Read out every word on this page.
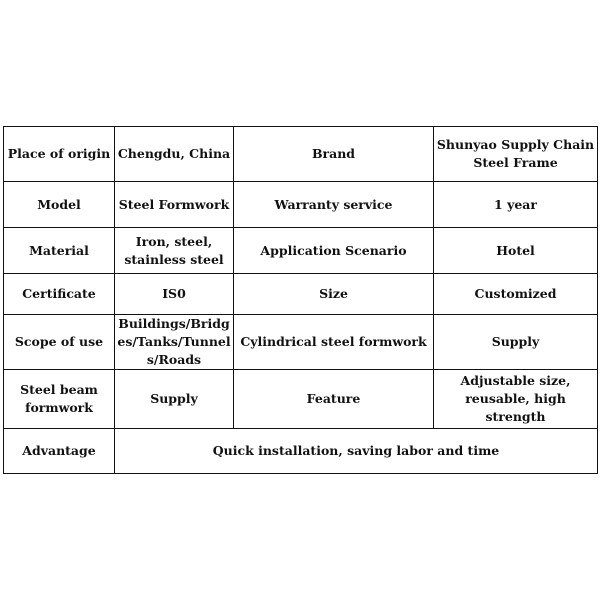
Place of origin	Chengdu, China	Brand	Shunyao Supply Chain Steel Frame
Model	Steel Formwork	Warranty service	1 year
Material	Iron, steel, stainless steel	Application Scenario	Hotel
Certificate	IS0	Size	Customized
Scope of use	Buildings/Bridges/Tanks/Tunnels/Roads	Cylindrical steel formwork	Supply
Steel beam formwork	Supply	Feature	Adjustable size, reusable, high strength
Advantage	Quick installation, saving labor and time		
